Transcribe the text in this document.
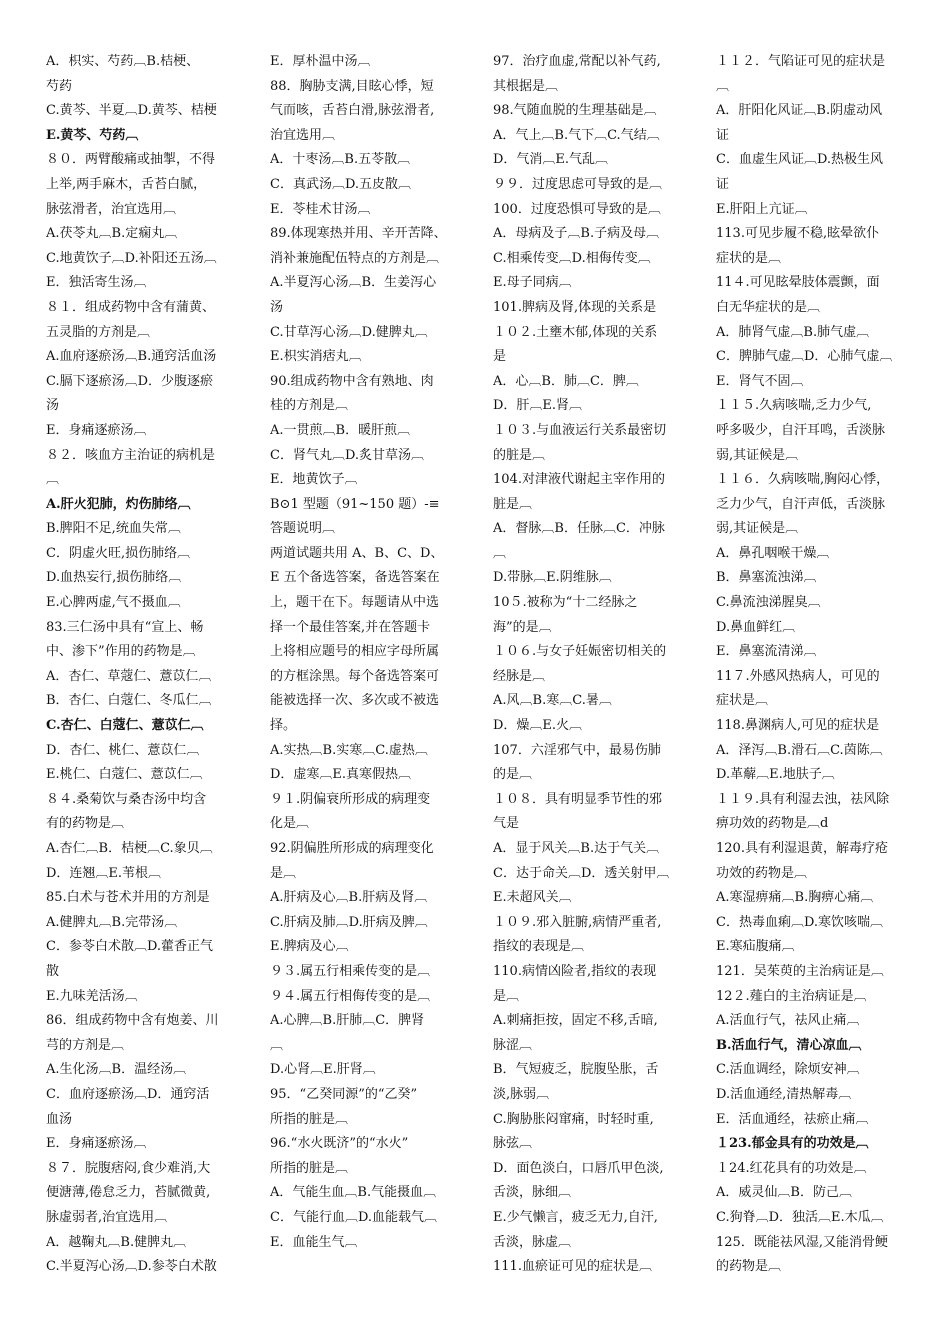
A．枳实、芍药︹B.桔梗、
芍药
C.黄芩、半夏︹D.黄芩、桔梗
E.黄芩、芍药︹
８０．两臂酸痛或抽掣，不得
上举,两手麻木，舌苔白腻，
脉弦滑者，治宜选用︹
A.茯苓丸︹B.定痫丸︹
C.地黄饮子︹D.补阳还五汤︹
E．独活寄生汤︹
８１．组成药物中含有蒲黄、
五灵脂的方剂是︹
A.血府逐瘀汤︹B.通窍活血汤
C.膈下逐瘀汤︹D．少腹逐瘀
汤
E．身痛逐瘀汤︹
８２．咳血方主治证的病机是
︹
A.肝火犯肺，灼伤肺络︹
B.脾阳不足,统血失常︹
C．阴虚火旺,损伤肺络︹
D.血热妄行,损伤肺络︹
E.心脾两虚,气不摄血︹
83.三仁汤中具有“宣上、畅
中、渗下”作用的药物是︹
A．杏仁、草蔻仁、薏苡仁︹
B．杏仁、白蔻仁、冬瓜仁︹
C.杏仁、白蔻仁、薏苡仁︹
D．杏仁、桃仁、薏苡仁︹
E.桃仁、白蔻仁、薏苡仁︹
８４.桑菊饮与桑杏汤中均含
有的药物是︹
A.杏仁︹B．桔梗︹C.象贝︹
D．连翘︹E.苇根︹
85.白术与苍术并用的方剂是
A.健脾丸︹B.完带汤︹
C．参苓白术散︹D.藿香正气
散
E.九味羌活汤︹
86．组成药物中含有炮姜、川
芎的方剂是︹
A.生化汤︹B．温经汤︹
C．血府逐瘀汤︹D．通窍活
血汤
E．身痛逐瘀汤︹
８７．脘腹痞闷,食少难消,大
便溏薄,倦怠乏力，苔腻微黄,
脉虚弱者,治宜选用︹
A．越鞠丸︹B.健脾丸︹
C.半夏泻心汤︹D.参苓白术散
E．厚朴温中汤︹
88．胸胁支满,目眩心悸，短
气而咳，舌苔白滑,脉弦滑者,
治宜选用︹
A．十枣汤︹B.五苓散︹
C．真武汤︹D.五皮散︹
E．苓桂术甘汤︹
89.体现寒热并用、辛开苦降、
消补兼施配伍特点的方剂是︹
A.半夏泻心汤︹B．生姜泻心
汤
C.甘草泻心汤︹D.健脾丸︹
E.枳实消痞丸︹
90.组成药物中含有熟地、肉
桂的方剂是︹
A.一贯煎︹B．暖肝煎︹
C．肾气丸︹D.炙甘草汤︹
E．地黄饮子︹
B⊙1 型题（91~150 题）-≡
答题说明︹
两道试题共用 A、B、C、D、
E 五个备选答案，备选答案在
上，题干在下。每题请从中选
择一个最佳答案,并在答题卡
上将相应题号的相应字母所属
的方框涂黑。每个备选答案可
能被选择一次、多次或不被选
择。
A.实热︹B.实寒︹C.虚热︹
D．虚寒︹E.真寒假热︹
９１.阴偏衰所形成的病理变
化是︹
92.阴偏胜所形成的病理变化
是︹
A.肝病及心︹B.肝病及肾︹
C.肝病及肺︹D.肝病及脾︹
E.脾病及心︹
９３.属五行相乘传变的是︹
９４.属五行相侮传变的是︹
A.心脾︹B.肝肺︹C．脾肾
︹
D.心肾︹E.肝肾︹
95．“乙癸同源”的“乙癸”
所指的脏是︹
96.“水火既济”的“水火”
所指的脏是︹
A．气能生血︹B.气能摄血︹
C．气能行血︹D.血能载气︹
E．血能生气︹
97．治疗血虚,常配以补气药,
其根据是︹
98.气随血脱的生理基础是︹
A．气上︹B.气下︹C.气结︹
D．气消︹E.气乱︹
９９．过度思虑可导致的是︹
100．过度恐惧可导致的是︹
A．母病及子︹B.子病及母︹
C.相乘传变︹D.相侮传变︹
E.母子同病︹
101.脾病及肾,体现的关系是
１０２.土壅木郁,体现的关系
是
A．心︹B．肺︹C．脾︹
D．肝︹E.肾︹
１０３.与血液运行关系最密切
的脏是︹
104.对津液代谢起主宰作用的
脏是︹
A．督脉︹B．任脉︹C．冲脉
︹
D.带脉︹E.阴维脉︹
10５.被称为“十二经脉之
海”的是︹
１０６.与女子妊娠密切相关的
经脉是︹
A.风︹B.寒︹C.暑︹
D．燥︹E.火︹
107．六淫邪气中，最易伤肺
的是︹
１０８．具有明显季节性的邪
气是
A．显于风关︹B.达于气关︹
C．达于命关︹D．透关射甲︹
E.未超风关︹
１０９.邪入脏腑,病情严重者,
指纹的表现是︹
110.病情凶险者,指纹的表现
是︹
A.刺痛拒按，固定不移,舌暗,
脉涩︹
B．气短疲乏，脘腹坠胀，舌
淡,脉弱︹
C.胸胁胀闷窜痛，时轻时重,
脉弦︹
D．面色淡白，口唇爪甲色淡,
舌淡，脉细︹
E.少气懒言，疲乏无力,自汗,
舌淡，脉虚︹
111.血瘀证可见的症状是︹
１１２．气陷证可见的症状是
︹
A．肝阳化风证︹B.阴虚动风
证
C．血虚生风证︹D.热极生风
证
E.肝阳上亢证︹
113.可见步履不稳,眩晕欲仆
症状的是︹
11４.可见眩晕肢体震颤，面
白无华症状的是︹
A．肺肾气虚︹B.肺气虚︹
C．脾肺气虚︹D．心肺气虚︹
E．肾气不固︹
１１５.久病咳喘,乏力少气,
呼多吸少，自汗耳鸣，舌淡脉
弱,其证候是︹
１１６．久病咳喘,胸闷心悸，
乏力少气，自汗声低，舌淡脉
弱,其证候是︹
A．鼻孔咽喉干燥︹
B．鼻塞流浊涕︹
C.鼻流浊涕腥臭︹
D.鼻血鲜红︹
E．鼻塞流清涕︹
11７.外感风热病人，可见的
症状是︹
118.鼻渊病人,可见的症状是
A．泽泻︹B.滑石︹C.茵陈︹
D.革薢︹E.地肤子︹
１１９.具有利湿去浊，祛风除
痹功效的药物是︹d
120.具有利湿退黄，解毒疗疮
功效的药物是︹
A.寒湿痹痛︹B.胸痹心痛︹
C．热毒血痢︹D.寒饮咳喘︹
E.寒疝腹痛︹
121．吴茱萸的主治病证是︹
12２.薤白的主治病证是︹
A.活血行气，祛风止痛︹
B.活血行气，清心凉血︹
C.活血调经，除烦安神︹
D.活血通经,清热解毒︹
E．活血通经，祛瘀止痛︹
１23.郁金具有的功效是︹
１24.红花具有的功效是︹
A．威灵仙︹B．防己︹
C.狗脊︹D．独活︹E.木瓜︹
125．既能祛风湿,又能消骨鲠
的药物是︹
